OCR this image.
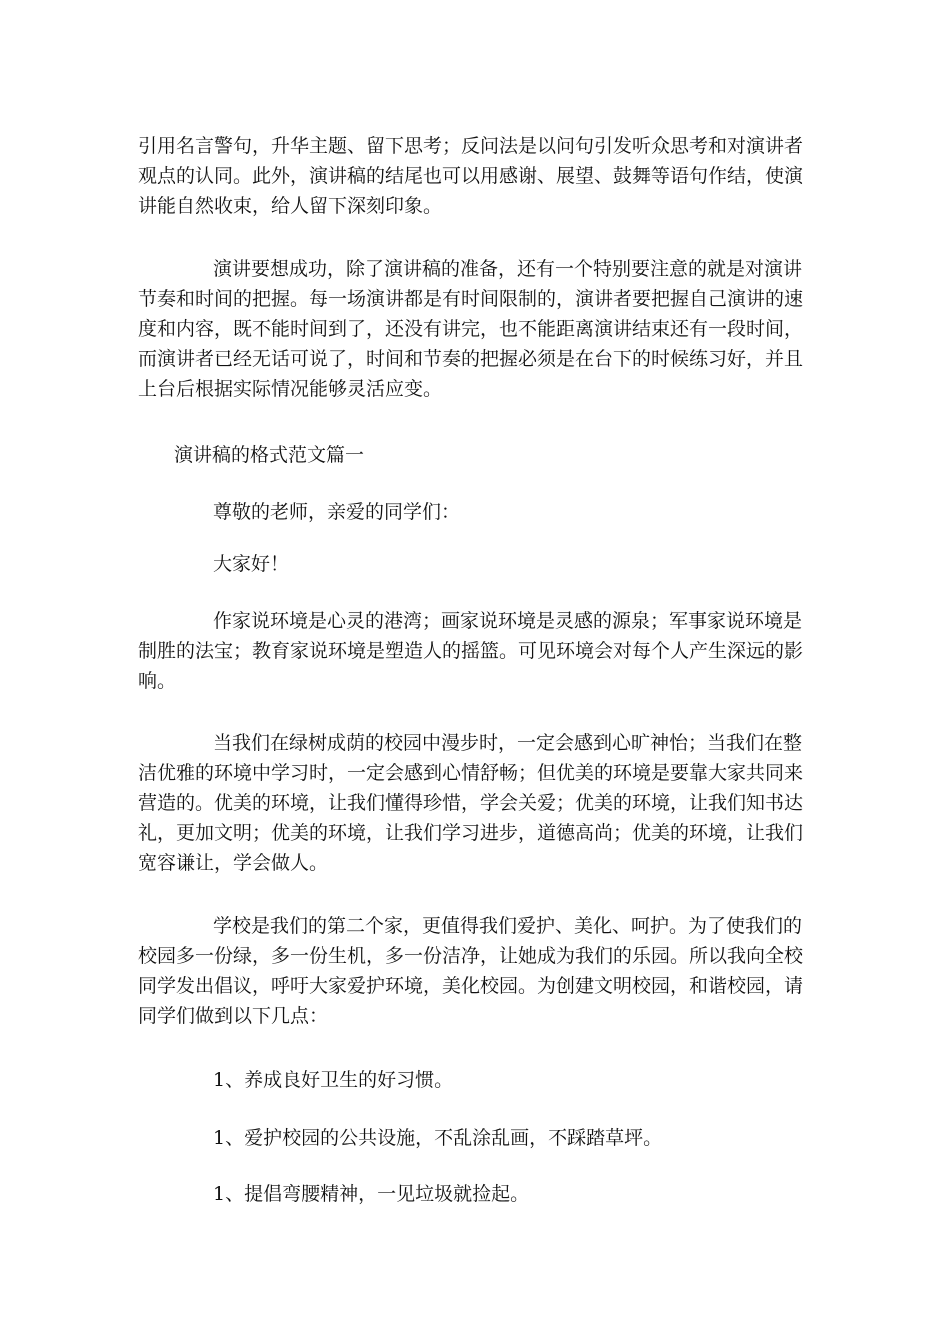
引用名言警句，升华主题、留下思考；反问法是以问句引发听众思考和对演讲者
观点的认同。此外，演讲稿的结尾也可以用感谢、展望、鼓舞等语句作结，使演
讲能自然收束，给人留下深刻印象。
演讲要想成功，除了演讲稿的准备，还有一个特别要注意的就是对演讲
节奏和时间的把握。每一场演讲都是有时间限制的，演讲者要把握自己演讲的速
度和内容，既不能时间到了，还没有讲完，也不能距离演讲结束还有一段时间，
而演讲者已经无话可说了，时间和节奏的把握必须是在台下的时候练习好，并且
上台后根据实际情况能够灵活应变。
演讲稿的格式范文篇一
尊敬的老师，亲爱的同学们：
大家好！
作家说环境是心灵的港湾；画家说环境是灵感的源泉；军事家说环境是
制胜的法宝；教育家说环境是塑造人的摇篮。可见环境会对每个人产生深远的影
响。
当我们在绿树成荫的校园中漫步时，一定会感到心旷神怡；当我们在整
洁优雅的环境中学习时，一定会感到心情舒畅；但优美的环境是要靠大家共同来
营造的。优美的环境，让我们懂得珍惜，学会关爱；优美的环境，让我们知书达
礼，更加文明；优美的环境，让我们学习进步，道德高尚；优美的环境，让我们
宽容谦让，学会做人。
学校是我们的第二个家，更值得我们爱护、美化、呵护。为了使我们的
校园多一份绿，多一份生机，多一份洁净，让她成为我们的乐园。所以我向全校
同学发出倡议，呼吁大家爱护环境，美化校园。为创建文明校园，和谐校园，请
同学们做到以下几点：
1、养成良好卫生的好习惯。
1、爱护校园的公共设施，不乱涂乱画，不踩踏草坪。
1、提倡弯腰精神，一见垃圾就捡起。
